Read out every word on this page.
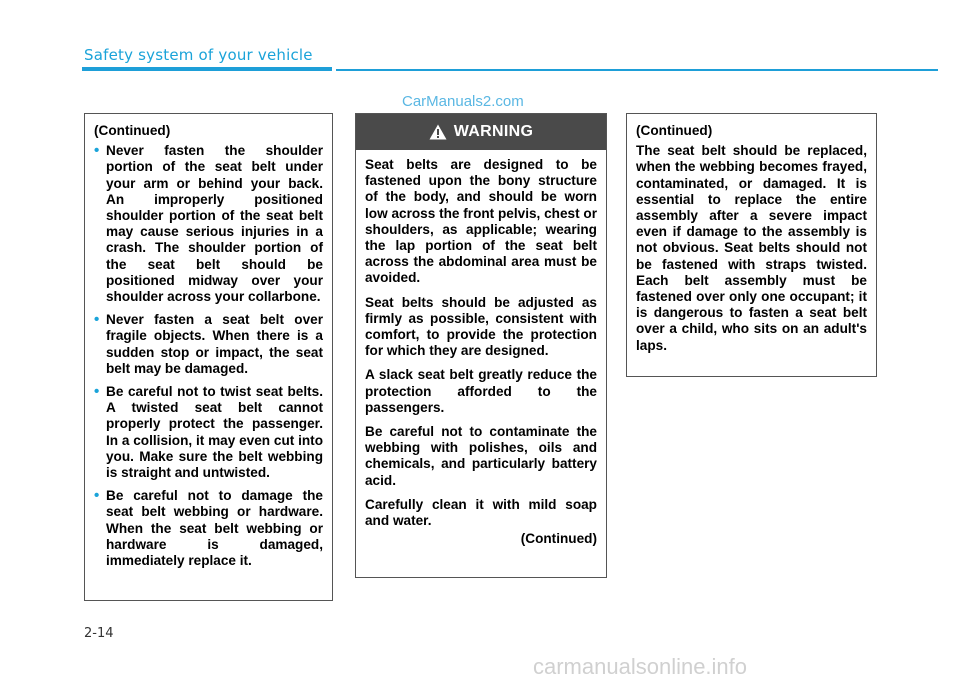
Safety system of your vehicle
CarManuals2.com
(Continued)
• Never fasten the shoulder portion of the seat belt under your arm or behind your back. An improperly positioned shoulder portion of the seat belt may cause serious injuries in a crash. The shoulder portion of the seat belt should be positioned midway over your shoulder across your collarbone.
• Never fasten a seat belt over fragile objects. When there is a sudden stop or impact, the seat belt may be damaged.
• Be careful not to twist seat belts. A twisted seat belt cannot properly protect the passenger. In a collision, it may even cut into you. Make sure the belt webbing is straight and untwisted.
• Be careful not to damage the seat belt webbing or hardware. When the seat belt webbing or hardware is damaged, immediately replace it.
WARNING

Seat belts are designed to be fastened upon the bony structure of the body, and should be worn low across the front pelvis, chest or shoulders, as applicable; wearing the lap portion of the seat belt across the abdominal area must be avoided.

Seat belts should be adjusted as firmly as possible, consistent with comfort, to provide the protection for which they are designed.

A slack seat belt greatly reduce the protection afforded to the passengers.

Be careful not to contaminate the webbing with polishes, oils and chemicals, and particularly battery acid.

Carefully clean it with mild soap and water.

(Continued)
(Continued)

The seat belt should be replaced, when the webbing becomes frayed, contaminated, or damaged. It is essential to replace the entire assembly after a severe impact even if damage to the assembly is not obvious. Seat belts should not be fastened with straps twisted. Each belt assembly must be fastened over only one occupant; it is dangerous to fasten a seat belt over a child, who sits on an adult's laps.

2-14
carmanualsonline.info
